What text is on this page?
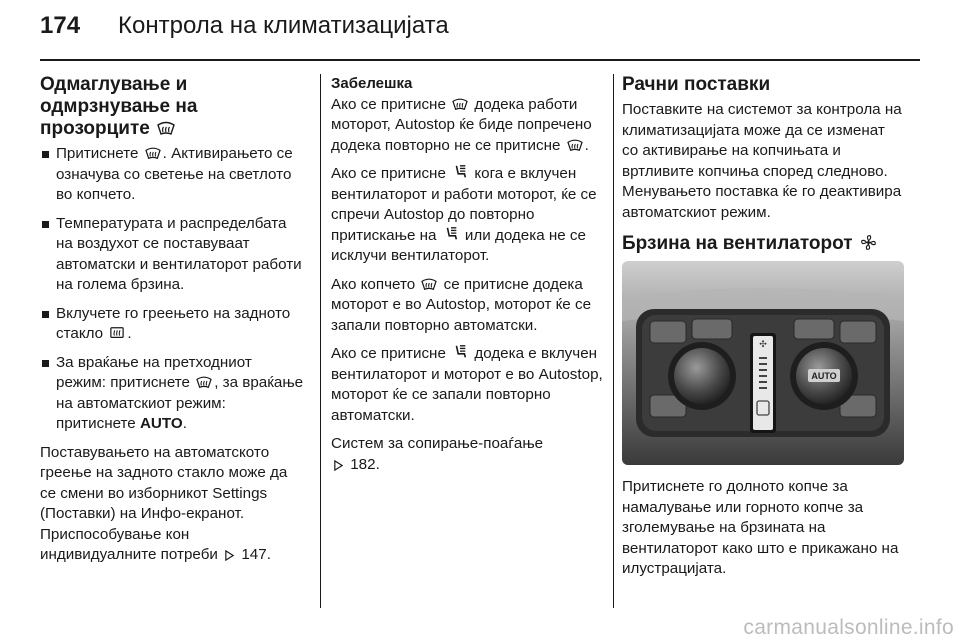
174 Контрола на климатизацијата
Одмаглување и одмрзнување на прозорците
Притиснете
. Активирањето се означува со светење на светлото во копчето.
Температурата и распределбата на воздухот се поставуваат автоматски и вентилаторот работи на голема брзина.
Вклучете го греењето на задното стакло
.
За враќање на претходниот режим: притиснете
, за враќање на автоматскиот режим: притиснете AUTO.

Поставувањето на автоматското греење на задното стакло може да се смени во изборникот Settings (Поставки) на Инфо-екранот. Приспособување кон индивидуалните потреби
147.

Забелешка

Ако се притисне
додека работи моторот, Autostop ќе биде попречено додека повторно не се притисне
.

Ако се притисне
кога е вклучен вентилаторот и работи моторот, ќе се спречи Autostop до повторно притискање на
или додека не се исклучи вентилаторот.

Ако копчето
се притисне додека моторот е во Autostop, моторот ќе се запали повторно автоматски.

Ако се притисне
додека е вклучен вентилаторот и моторот е во Autostop, моторот ќе се запали повторно автоматски.

Систем за сопирање-поаѓање

182.

Рачни поставки

Поставките на системот за контрола на климатизацијата може да се изменат со активирање на копчињата и вртливите копчиња според следново. Менувањето поставка ќе го деактивира автоматскиот режим.

Брзина на вентилаторот
AUTO
✣

Притиснете го долното копче за намалување или горното копче за зголемување на брзината на вентилаторот како што е прикажано на илустрацијата.

carmanualsonline.info
